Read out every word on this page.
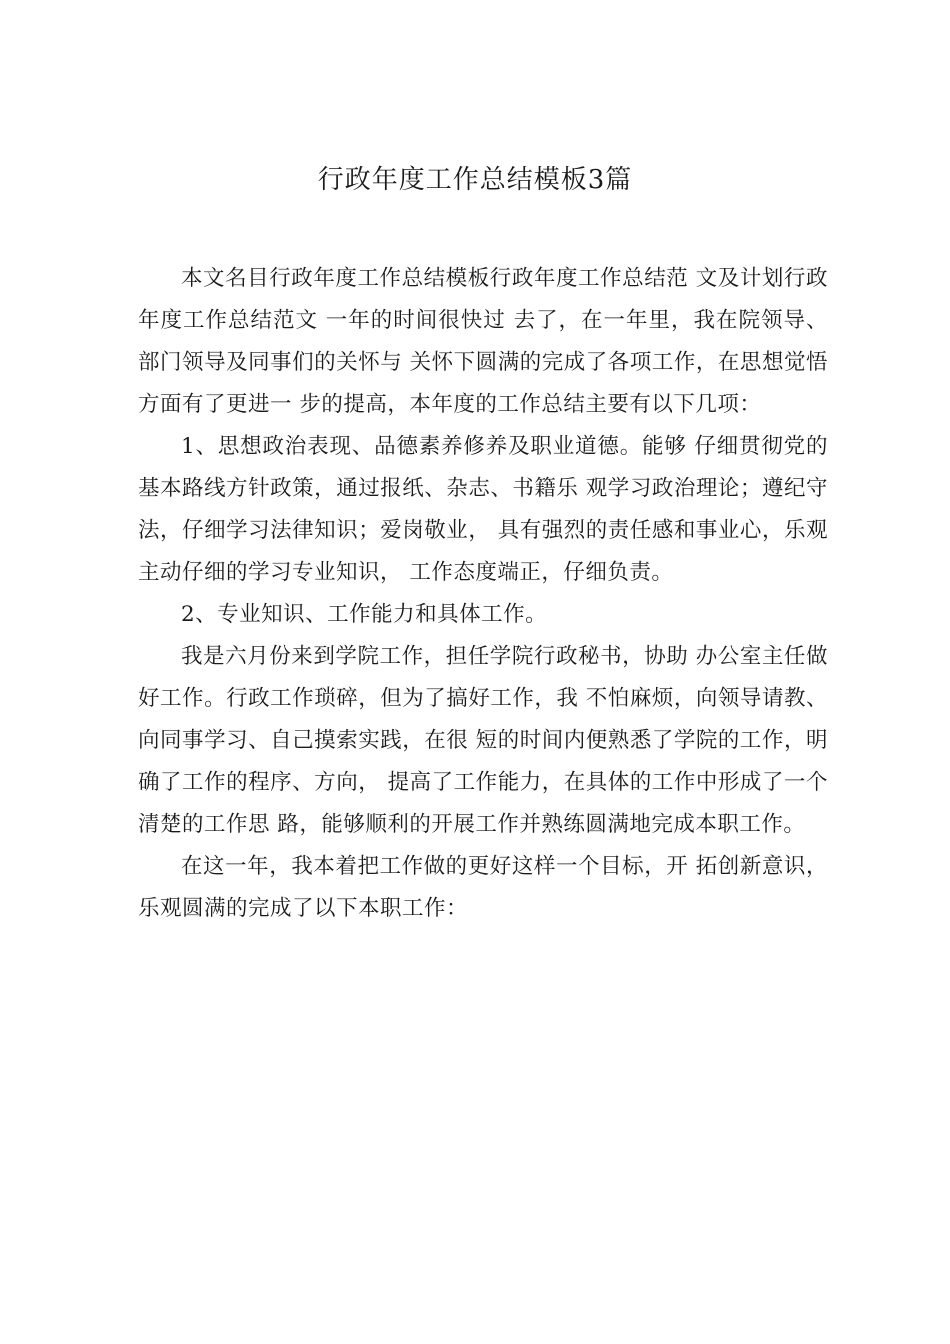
行政年度工作总结模板3篇

本文名目行政年度工作总结模板行政年度工作总结范 文及计划行政年度工作总结范文 一年的时间很快过 去了，在一年里，我在院领导、部门领导及同事们的关怀与 关怀下圆满的完成了各项工作，在思想觉悟方面有了更进一 步的提高，本年度的工作总结主要有以下几项：

1、思想政治表现、品德素养修养及职业道德。能够 仔细贯彻党的基本路线方针政策，通过报纸、杂志、书籍乐 观学习政治理论；遵纪守法，仔细学习法律知识；爱岗敬业， 具有强烈的责任感和事业心，乐观主动仔细的学习专业知识， 工作态度端正，仔细负责。

2、专业知识、工作能力和具体工作。

我是六月份来到学院工作，担任学院行政秘书，协助 办公室主任做好工作。行政工作琐碎，但为了搞好工作，我 不怕麻烦，向领导请教、向同事学习、自己摸索实践，在很 短的时间内便熟悉了学院的工作，明确了工作的程序、方向， 提高了工作能力，在具体的工作中形成了一个清楚的工作思 路，能够顺利的开展工作并熟练圆满地完成本职工作。

在这一年，我本着把工作做的更好这样一个目标，开 拓创新意识，乐观圆满的完成了以下本职工作：
